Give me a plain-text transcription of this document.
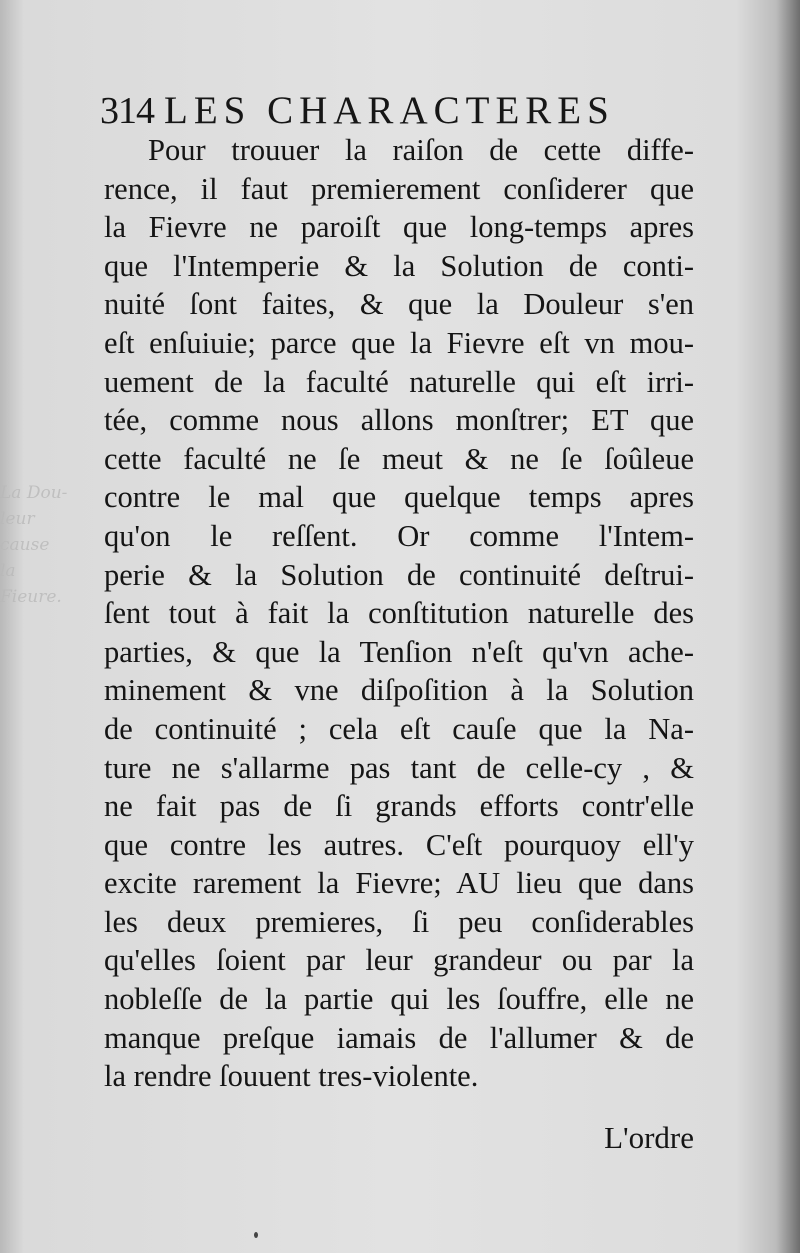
La Dou-
leur cause
la Fieure.
314 LES CHARACTERES
Pour trouuer la raiſon de cette diffe-
rence, il faut premierement conſiderer que
la Fievre ne paroiſt que long-temps apres
que l'Intemperie & la Solution de conti-
nuité ſont faites, & que la Douleur s'en
eſt enſuiuie; parce que la Fievre eſt vn mou-
uement de la faculté naturelle qui eſt irri-
tée, comme nous allons monſtrer; ET que
cette faculté ne ſe meut & ne ſe ſoûleue
contre le mal que quelque temps apres
qu'on le reſſent. Or comme l'Intem-
perie & la Solution de continuité deſtrui-
ſent tout à fait la conſtitution naturelle des
parties, & que la Tenſion n'eſt qu'vn ache-
minement & vne diſpoſition à la Solution
de continuité ; cela eſt cauſe que la Na-
ture ne s'allarme pas tant de celle-cy , &
ne fait pas de ſi grands efforts contr'elle
que contre les autres. C'eſt pourquoy ell'y
excite rarement la Fievre; AU lieu que dans
les deux premieres, ſi peu conſiderables
qu'elles ſoient par leur grandeur ou par la
nobleſſe de la partie qui les ſouffre, elle ne
manque preſque iamais de l'allumer & de
la rendre ſouuent tres-violente.
L'ordre
